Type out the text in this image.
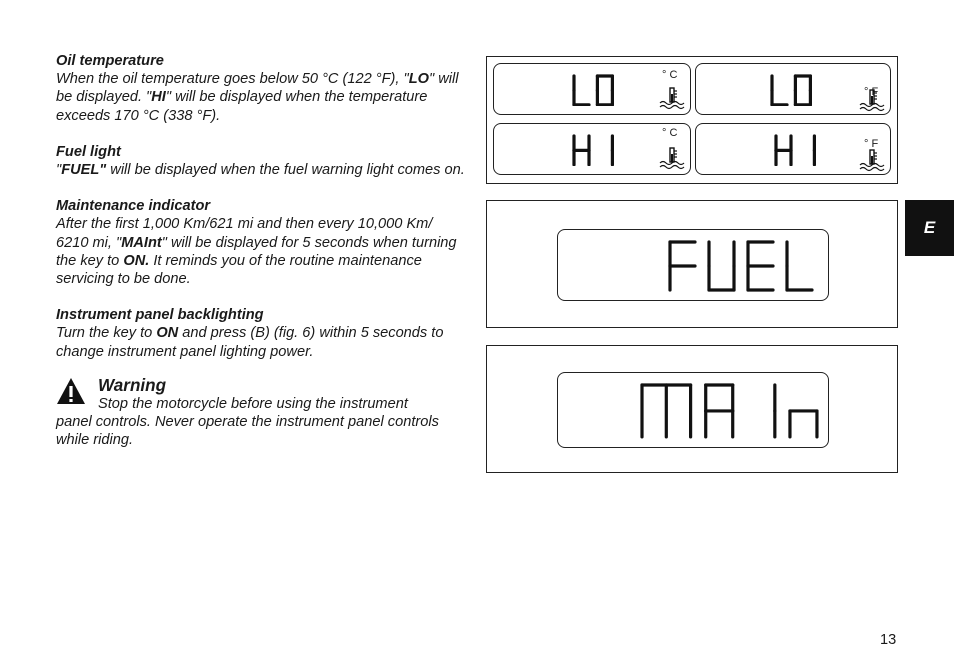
Oil temperature

When the oil temperature goes below 50 °C (122 °F), "LO" will be displayed. "HI" will be displayed when the temperature exceeds 170 °C (338 °F).

Fuel light

"FUEL" will be displayed when the fuel warning light comes on.

Maintenance indicator

After the first 1,000 Km/621 mi and then every 10,000 Km/ 6210 mi, "MAInt" will be displayed for 5 seconds when turning the key to ON. It reminds you of the routine maintenance servicing to be done.

Instrument panel backlighting

Turn the key to ON and press (B) (fig. 6) within 5 seconds to change instrument panel lighting power.

Warning

Stop the motorcycle before using the instrument

panel controls. Never operate the instrument panel controls while riding.

° C
° F
° C
° F
E
13
